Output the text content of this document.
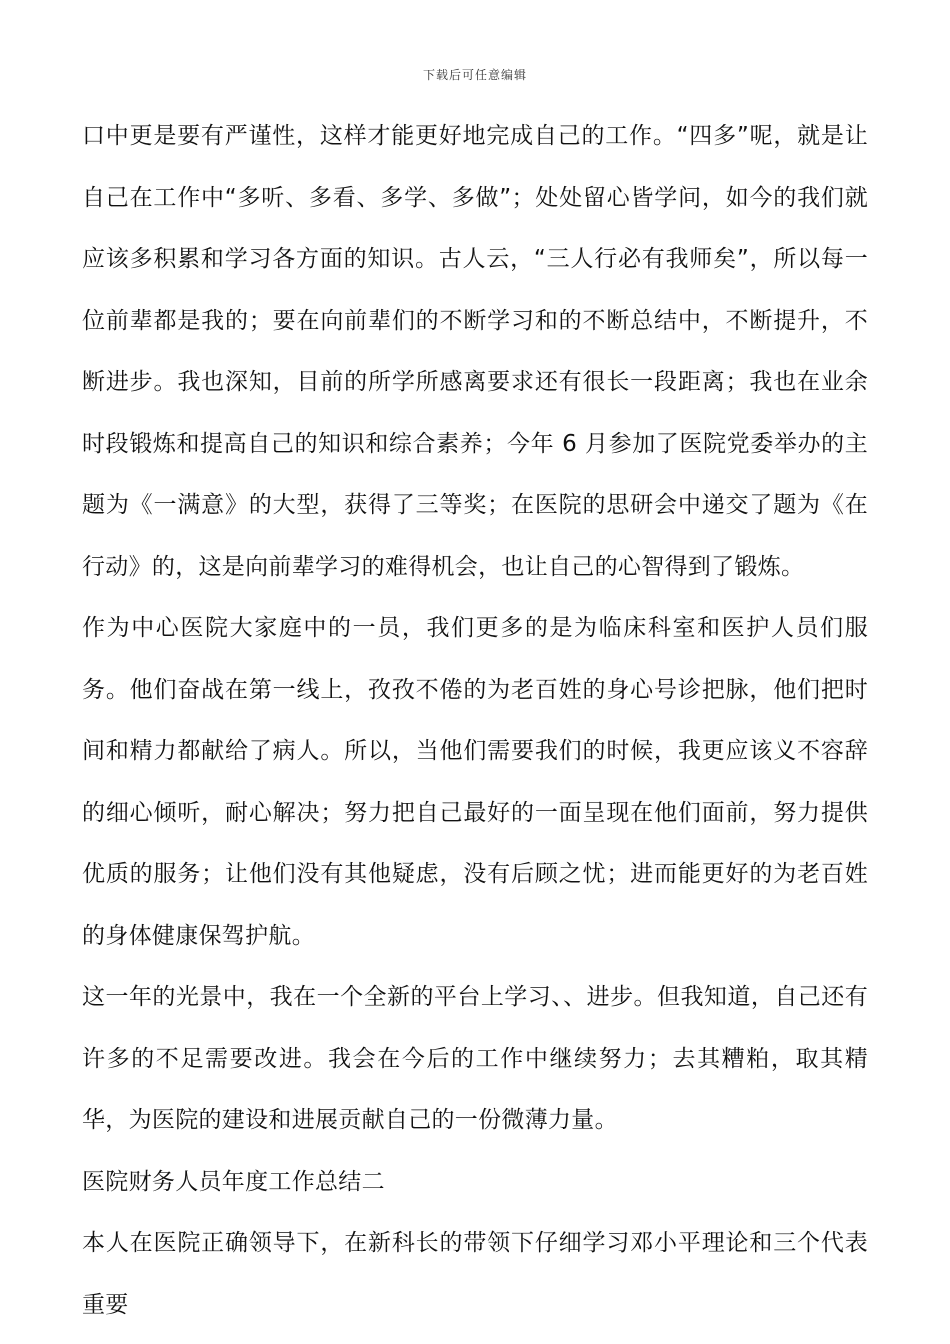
下载后可任意编辑

口中更是要有严谨性，这样才能更好地完成自己的工作。“四多”呢，就是让自己在工作中“多听、多看、多学、多做”；处处留心皆学问，如今的我们就应该多积累和学习各方面的知识。古人云，“三人行必有我师矣”，所以每一位前辈都是我的；要在向前辈们的不断学习和的不断总结中，不断提升，不断进步。我也深知，目前的所学所感离要求还有很长一段距离；我也在业余时段锻炼和提高自己的知识和综合素养；今年 6 月参加了医院党委举办的主题为《一满意》的大型，获得了三等奖；在医院的思研会中递交了题为《在行动》的，这是向前辈学习的难得机会，也让自己的心智得到了锻炼。

作为中心医院大家庭中的一员，我们更多的是为临床科室和医护人员们服务。他们奋战在第一线上，孜孜不倦的为老百姓的身心号诊把脉，他们把时间和精力都献给了病人。所以，当他们需要我们的时候，我更应该义不容辞的细心倾听，耐心解决；努力把自己最好的一面呈现在他们面前，努力提供优质的服务；让他们没有其他疑虑，没有后顾之忧；进而能更好的为老百姓的身体健康保驾护航。

这一年的光景中，我在一个全新的平台上学习、、进步。但我知道，自己还有许多的不足需要改进。我会在今后的工作中继续努力；去其糟粕，取其精华，为医院的建设和进展贡献自己的一份微薄力量。

医院财务人员年度工作总结二

本人在医院正确领导下，在新科长的带领下仔细学习邓小平理论和三个代表重要
